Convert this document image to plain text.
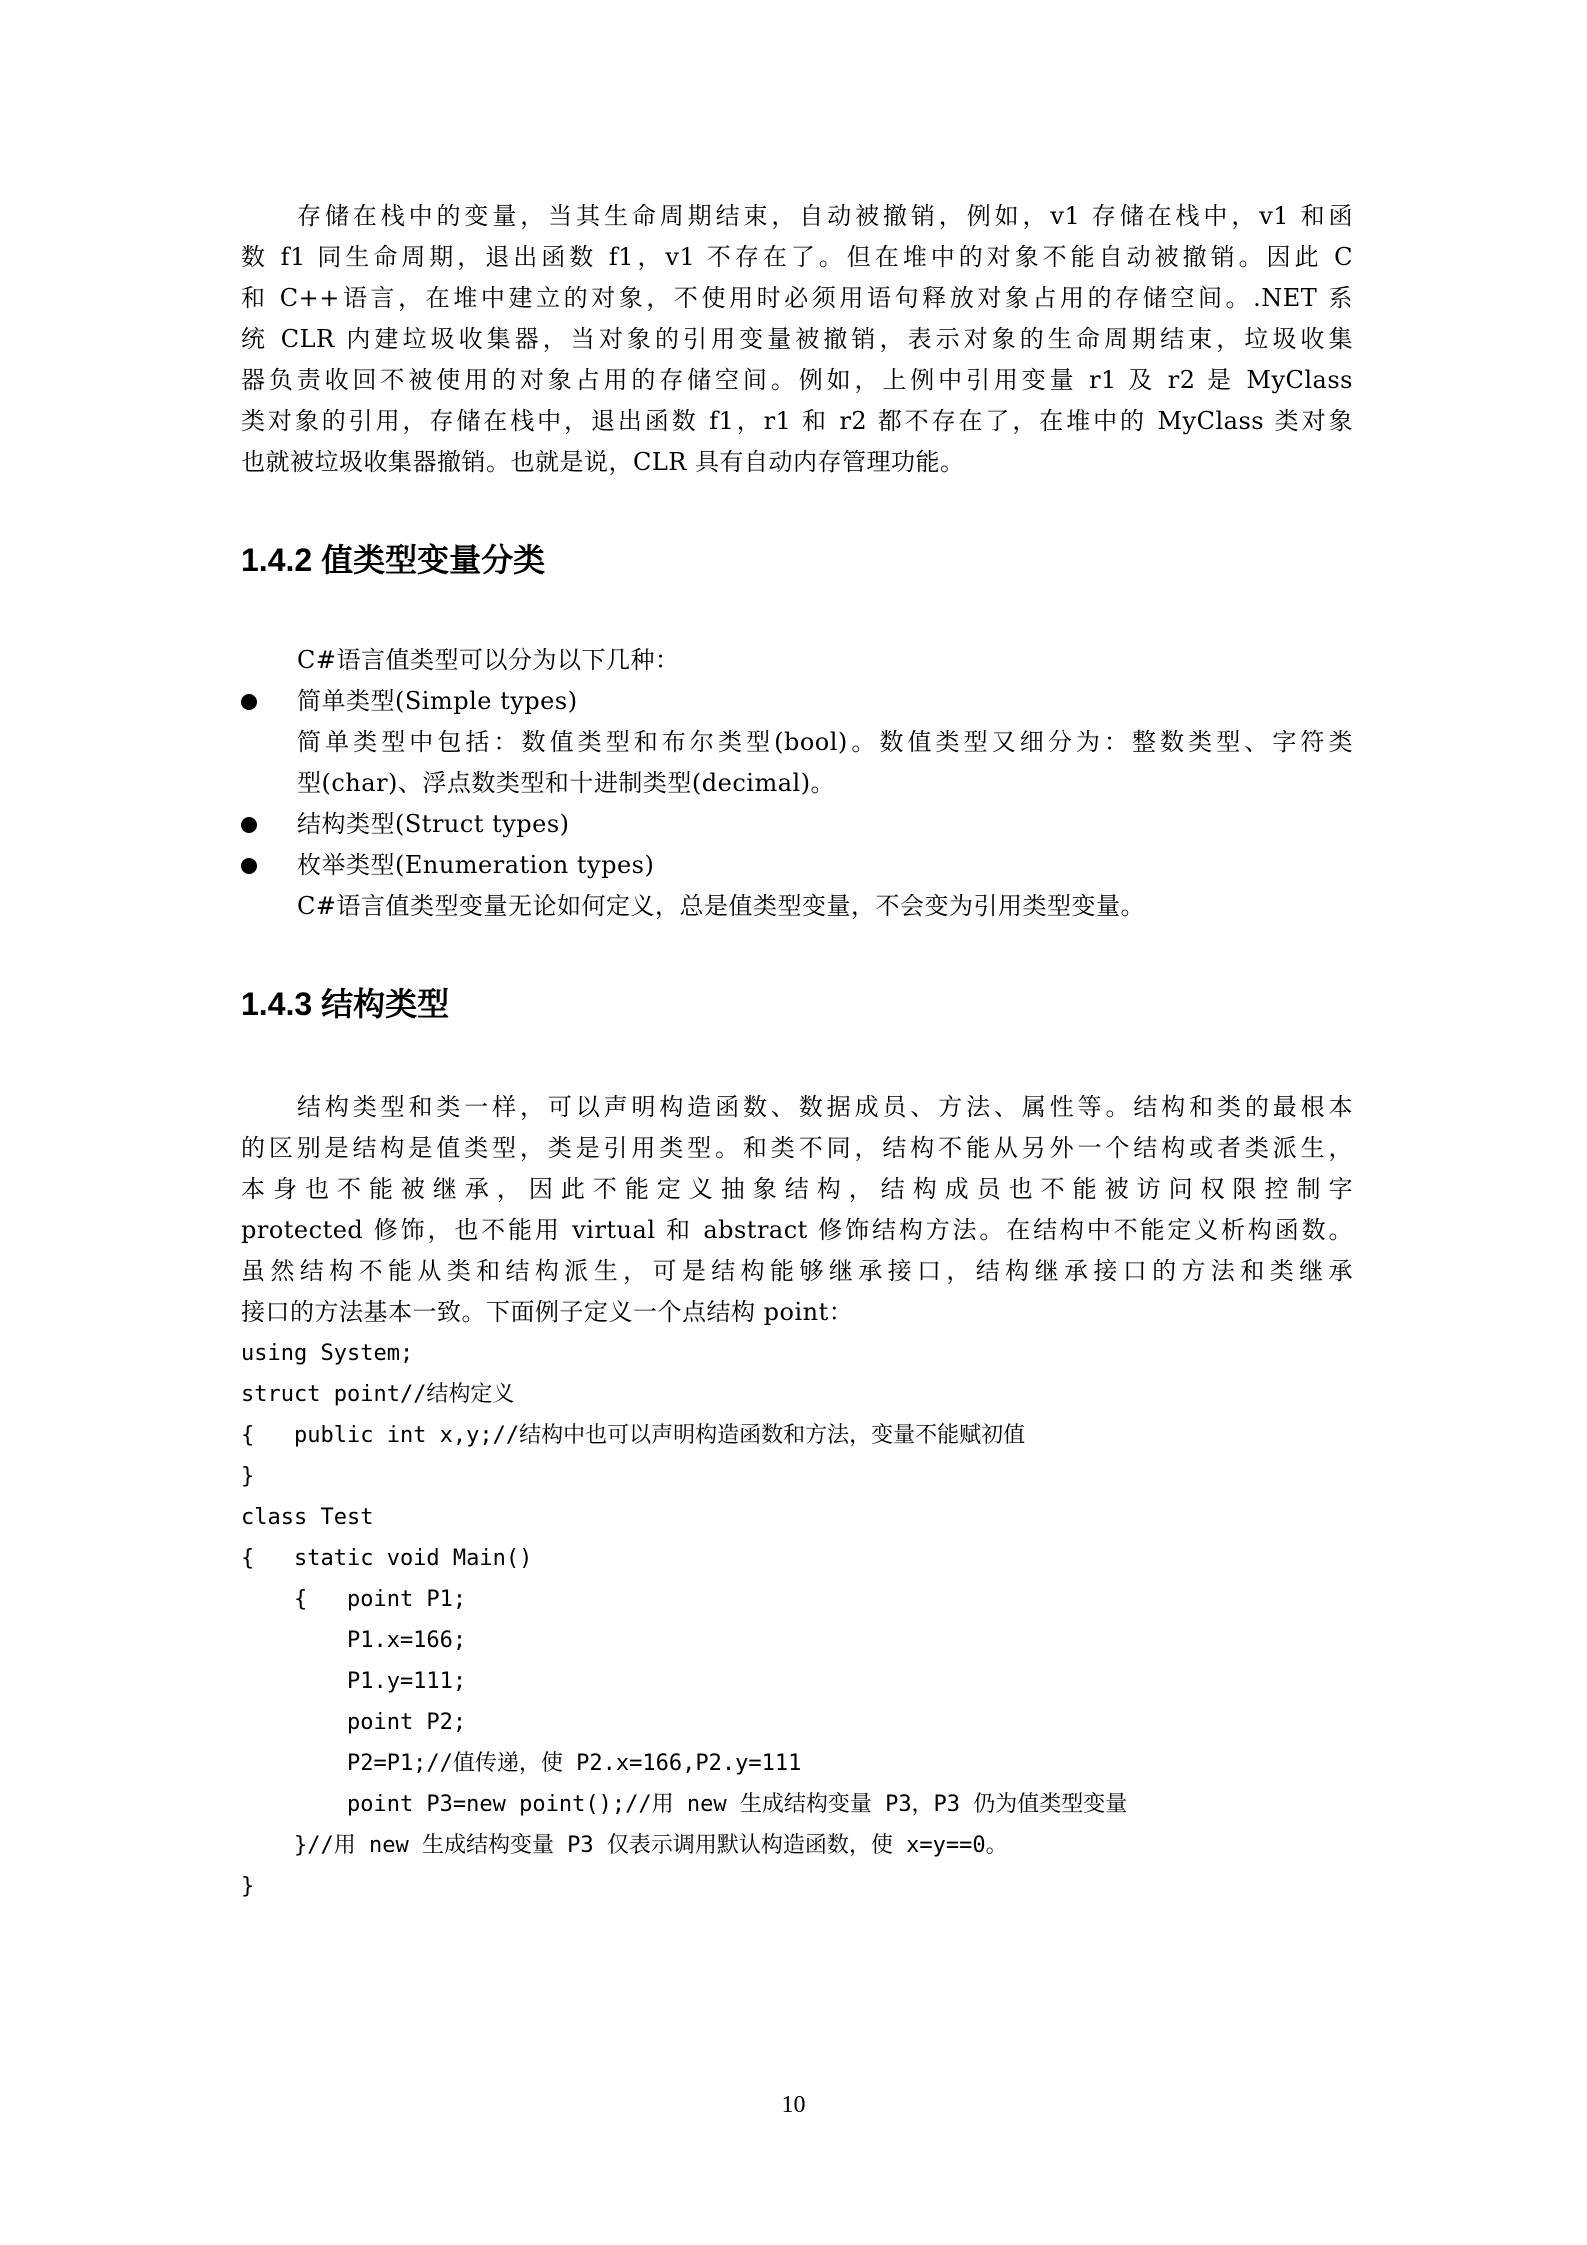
存储在栈中的变量，当其生命周期结束，自动被撤销，例如，v1 存储在栈中，v1 和函
数 f1 同生命周期，退出函数 f1，v1 不存在了。但在堆中的对象不能自动被撤销。因此 C
和 C++语言，在堆中建立的对象，不使用时必须用语句释放对象占用的存储空间。.NET 系
统 CLR 内建垃圾收集器，当对象的引用变量被撤销，表示对象的生命周期结束，垃圾收集
器负责收回不被使用的对象占用的存储空间。例如，上例中引用变量 r1 及 r2 是 MyClass
类对象的引用，存储在栈中，退出函数 f1，r1 和 r2 都不存在了，在堆中的 MyClass 类对象
也就被垃圾收集器撤销。也就是说，CLR 具有自动内存管理功能。
1.4.2 值类型变量分类
C#语言值类型可以分为以下几种：
简单类型(Simple types)
简单类型中包括：数值类型和布尔类型(bool)。数值类型又细分为：整数类型、字符类
型(char)、浮点数类型和十进制类型(decimal)。
结构类型(Struct types)
枚举类型(Enumeration types)
C#语言值类型变量无论如何定义，总是值类型变量，不会变为引用类型变量。
1.4.3 结构类型
结构类型和类一样，可以声明构造函数、数据成员、方法、属性等。结构和类的最根本
的区别是结构是值类型，类是引用类型。和类不同，结构不能从另外一个结构或者类派生，
本身也不能被继承，因此不能定义抽象结构，结构成员也不能被访问权限控制字
protected 修饰，也不能用 virtual 和 abstract 修饰结构方法。在结构中不能定义析构函数。
虽然结构不能从类和结构派生，可是结构能够继承接口，结构继承接口的方法和类继承
接口的方法基本一致。下面例子定义一个点结构 point：
using System;
struct point//结构定义
{   public int x,y;//结构中也可以声明构造函数和方法，变量不能赋初值
}
class Test
{   static void Main()
{   point P1;
P1.x=166;
P1.y=111;
point P2;
P2=P1;//值传递，使 P2.x=166,P2.y=111
point P3=new point();//用 new 生成结构变量 P3，P3 仍为值类型变量
}//用 new 生成结构变量 P3 仅表示调用默认构造函数，使 x=y==0。
}
10
